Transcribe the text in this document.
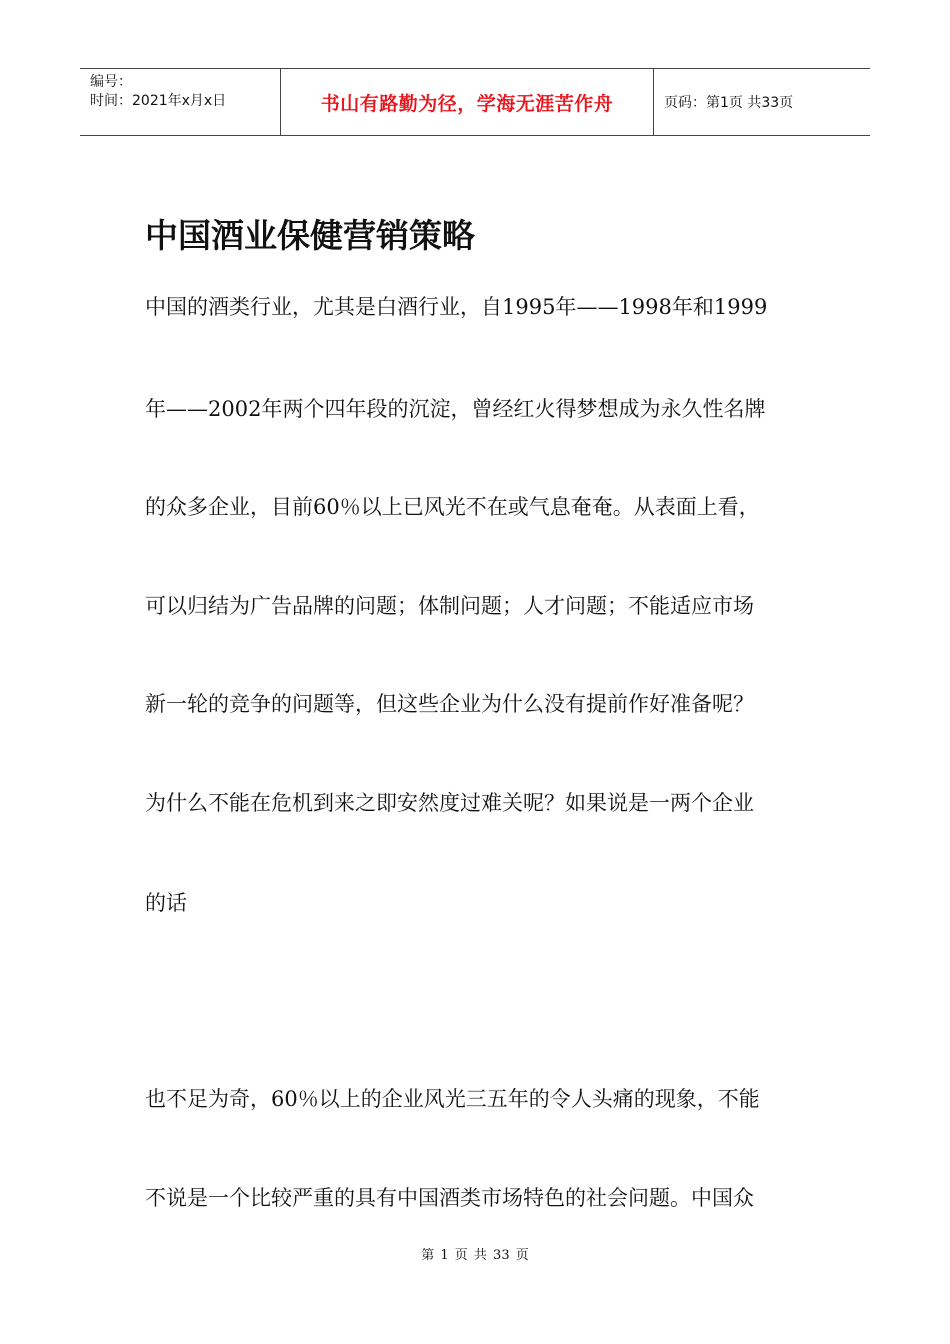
编号：
时间：2021年x月x日	书山有路勤为径，学海无涯苦作舟	页码：第1页 共33页
中国酒业保健营销策略

中国的酒类行业，尤其是白酒行业，自1995年——1998年和1999

年——2002年两个四年段的沉淀，曾经红火得梦想成为永久性名牌

的众多企业，目前60％以上已风光不在或气息奄奄。从表面上看，

可以归结为广告品牌的问题；体制问题；人才问题；不能适应市场

新一轮的竞争的问题等，但这些企业为什么没有提前作好准备呢？

为什么不能在危机到来之即安然度过难关呢？如果说是一两个企业

的话

也不足为奇，60％以上的企业风光三五年的令人头痛的现象，不能

不说是一个比较严重的具有中国酒类市场特色的社会问题。中国众

第 1 页 共 33 页
